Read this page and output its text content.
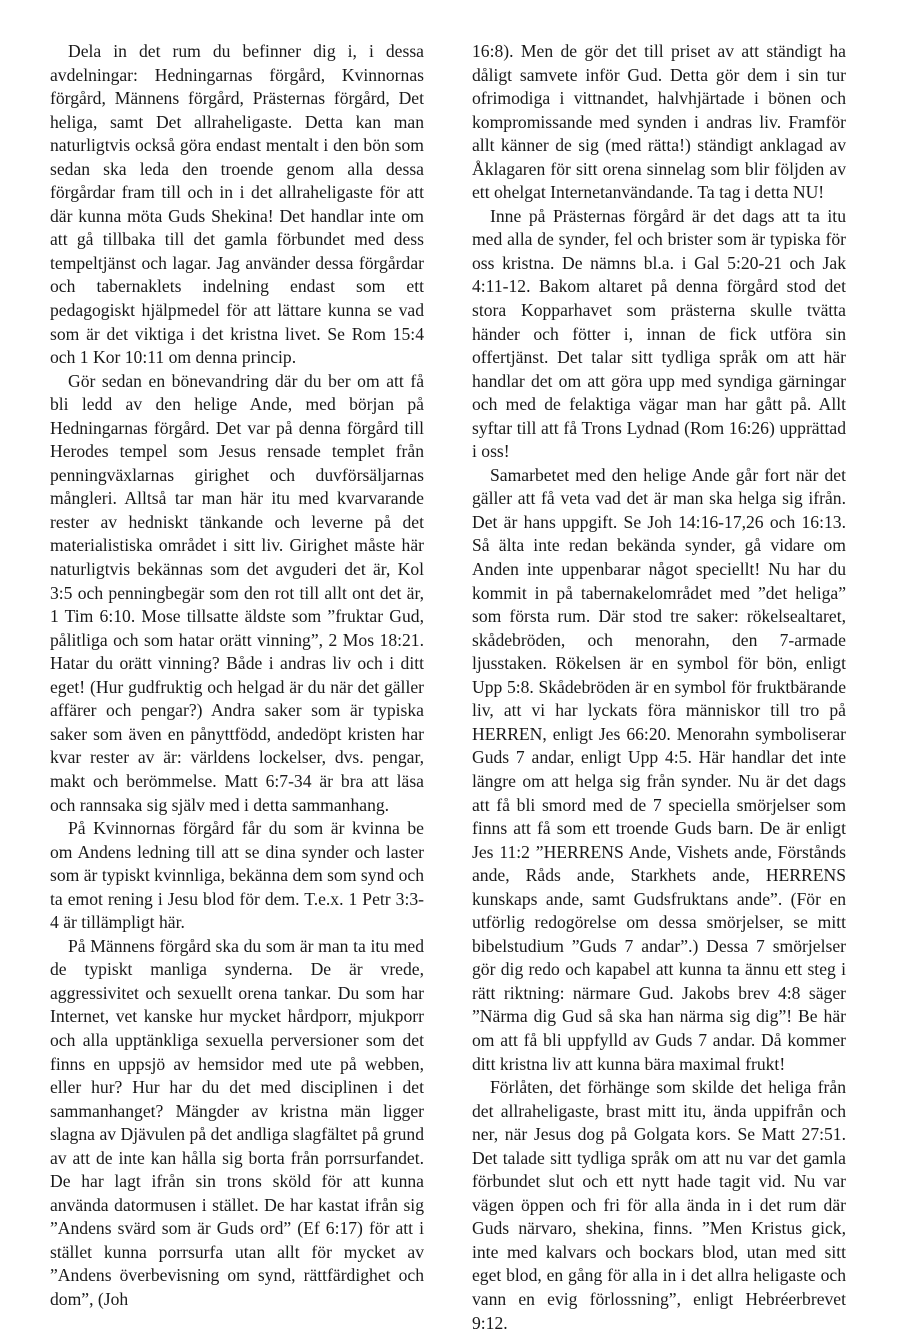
Dela in det rum du befinner dig i, i dessa avdelningar: Hedningarnas förgård, Kvinnornas förgård, Männens förgård, Prästernas förgård, Det heliga, samt Det allraheligaste. Detta kan man naturligtvis också göra endast mentalt i den bön som sedan ska leda den troende genom alla dessa förgårdar fram till och in i det allraheligaste för att där kunna möta Guds Shekina! Det handlar inte om att gå tillbaka till det gamla förbundet med dess tempeltjänst och lagar. Jag använder dessa förgårdar och tabernaklets indelning endast som ett pedagogiskt hjälpmedel för att lättare kunna se vad som är det viktiga i det kristna livet. Se Rom 15:4 och 1 Kor 10:11 om denna princip.

Gör sedan en bönevandring där du ber om att få bli ledd av den helige Ande, med början på Hedningarnas förgård. Det var på denna förgård till Herodes tempel som Jesus rensade templet från penningväxlarnas girighet och duvförsäljarnas mångleri. Alltså tar man här itu med kvarvarande rester av hedniskt tänkande och leverne på det materialistiska området i sitt liv. Girighet måste här naturligtvis bekännas som det avguderi det är, Kol 3:5 och penningbegär som den rot till allt ont det är, 1 Tim 6:10. Mose tillsatte äldste som ”fruktar Gud, pålitliga och som hatar orätt vinning”, 2 Mos 18:21. Hatar du orätt vinning? Både i andras liv och i ditt eget! (Hur gudfruktig och helgad är du när det gäller affärer och pengar?) Andra saker som är typiska saker som även en pånyttfödd, andedöpt kristen har kvar rester av är: världens lockelser, dvs. pengar, makt och berömmelse. Matt 6:7-34 är bra att läsa och rannsaka sig själv med i detta sammanhang.

På Kvinnornas förgård får du som är kvinna be om Andens ledning till att se dina synder och laster som är typiskt kvinnliga, bekänna dem som synd och ta emot rening i Jesu blod för dem. T.e.x. 1 Petr 3:3-4 är tillämpligt här.

På Männens förgård ska du som är man ta itu med de typiskt manliga synderna. De är vrede, aggressivitet och sexuellt orena tankar. Du som har Internet, vet kanske hur mycket hårdporr, mjukporr och alla upptänkliga sexuella perversioner som det finns en uppsjö av hemsidor med ute på webben, eller hur? Hur har du det med disciplinen i det sammanhanget? Mängder av kristna män ligger slagna av Djävulen på det andliga slagfältet på grund av att de inte kan hålla sig borta från porrsurfandet. De har lagt ifrån sin trons sköld för att kunna använda datormusen i stället. De har kastat ifrån sig ”Andens svärd som är Guds ord” (Ef 6:17) för att i stället kunna porrsurfa utan allt för mycket av ”Andens överbevisning om synd, rättfärdighet och dom”, (Joh

16:8). Men de gör det till priset av att ständigt ha dåligt samvete inför Gud. Detta gör dem i sin tur ofrimodiga i vittnandet, halvhjärtade i bönen och kompromissande med synden i andras liv. Framför allt känner de sig (med rätta!) ständigt anklagad av Åklagaren för sitt orena sinnelag som blir följden av ett ohelgat Internetanvändande. Ta tag i detta NU!

Inne på Prästernas förgård är det dags att ta itu med alla de synder, fel och brister som är typiska för oss kristna. De nämns bl.a. i Gal 5:20-21 och Jak 4:11-12. Bakom altaret på denna förgård stod det stora Kopparhavet som prästerna skulle tvätta händer och fötter i, innan de fick utföra sin offertjänst. Det talar sitt tydliga språk om att här handlar det om att göra upp med syndiga gärningar och med de felaktiga vägar man har gått på. Allt syftar till att få Trons Lydnad (Rom 16:26) upprättad i oss!

Samarbetet med den helige Ande går fort när det gäller att få veta vad det är man ska helga sig ifrån. Det är hans uppgift. Se Joh 14:16-17,26 och 16:13. Så älta inte redan bekända synder, gå vidare om Anden inte uppenbarar något speciellt! Nu har du kommit in på tabernakelområdet med ”det heliga” som första rum. Där stod tre saker: rökelsealtaret, skådebröden, och menorahn, den 7-armade ljusstaken. Rökelsen är en symbol för bön, enligt Upp 5:8. Skådebröden är en symbol för fruktbärande liv, att vi har lyckats föra människor till tro på HERREN, enligt Jes 66:20. Menorahn symboliserar Guds 7 andar, enligt Upp 4:5. Här handlar det inte längre om att helga sig från synder. Nu är det dags att få bli smord med de 7 speciella smörjelser som finns att få som ett troende Guds barn. De är enligt Jes 11:2 ”HERRENS Ande, Vishets ande, Förstånds ande, Råds ande, Starkhets ande, HERRENS kunskaps ande, samt Gudsfruktans ande”. (För en utförlig redogörelse om dessa smörjelser, se mitt bibelstudium ”Guds 7 andar”.) Dessa 7 smörjelser gör dig redo och kapabel att kunna ta ännu ett steg i rätt riktning: närmare Gud. Jakobs brev 4:8 säger ”Närma dig Gud så ska han närma sig dig”! Be här om att få bli uppfylld av Guds 7 andar. Då kommer ditt kristna liv att kunna bära maximal frukt!

Förlåten, det förhänge som skilde det heliga från det allraheligaste, brast mitt itu, ända uppifrån och ner, när Jesus dog på Golgata kors. Se Matt 27:51. Det talade sitt tydliga språk om att nu var det gamla förbundet slut och ett nytt hade tagit vid. Nu var vägen öppen och fri för alla ända in i det rum där Guds närvaro, shekina, finns. ”Men Kristus gick, inte med kalvars och bockars blod, utan med sitt eget blod, en gång för alla in i det allra heligaste och vann en evig förlossning”, enligt Hebréerbrevet 9:12.
